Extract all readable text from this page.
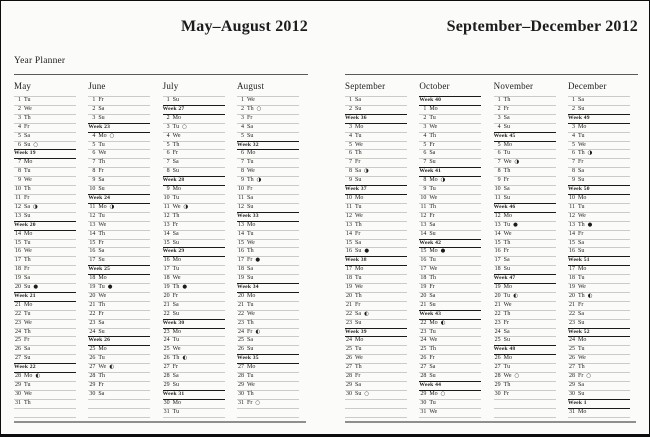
May–August 2012
Year Planner
May
1 Tu
2 We
3 Th
4 Fr
5 Sa
6 Su ○
Week 19
7 Mo
8 Tu
9 We
10 Th
11 Fr
12 Sa ◑
13 Su
Week 20
14 Mo
15 Tu
16 We
17 Th
18 Fr
19 Sa
20 Su ●
Week 21
21 Mo
22 Tu
23 We
24 Th
25 Fr
26 Sa
27 Su
Week 22
28 Mo ◐
29 Tu
30 We
31 Th
June
1 Fr
2 Sa
3 Su
Week 23
4 Mo ○
5 Tu
6 We
7 Th
8 Fr
9 Sa
10 Su
Week 24
11 Mo ◑
12 Tu
13 We
14 Th
15 Fr
16 Sa
17 Su
Week 25
18 Mo
19 Tu ●
20 We
21 Th
22 Fr
23 Sa
24 Su
Week 26
25 Mo
26 Tu
27 We ◐
28 Th
29 Fr
30 Sa
July
1 Su
Week 27
2 Mo
3 Tu ○
4 We
5 Th
6 Fr
7 Sa
8 Su
Week 28
9 Mo
10 Tu
11 We ◑
12 Th
13 Fr
14 Sa
15 Su
Week 29
16 Mo
17 Tu
18 We
19 Th ●
20 Fr
21 Sa
22 Su
Week 30
23 Mo
24 Tu
25 We
26 Th ◐
27 Fr
28 Sa
29 Su
Week 31
30 Mo
31 Tu
August
1 We
2 Th ○
3 Fr
4 Sa
5 Su
Week 32
6 Mo
7 Tu
8 We
9 Th ◑
10 Fr
11 Sa
12 Su
Week 33
13 Mo
14 Tu
15 We
16 Th
17 Fr ●
18 Sa
19 Su
Week 34
20 Mo
21 Tu
22 We
23 Th
24 Fr ◐
25 Sa
26 Su
Week 35
27 Mo
28 Tu
29 We
30 Th
31 Fr ○
September–December 2012
September
1 Sa
2 Su
Week 36
3 Mo
4 Tu
5 We
6 Th
7 Fr
8 Sa ◑
9 Su
Week 37
10 Mo
11 Tu
12 We
13 Th
14 Fr
15 Sa
16 Su ●
Week 38
17 Mo
18 Tu
19 We
20 Th
21 Fr
22 Sa ◐
23 Su
Week 39
24 Mo
25 Tu
26 We
27 Th
28 Fr
29 Sa
30 Su ○
October
Week 40
1 Mo
2 Tu
3 We
4 Th
5 Fr
6 Sa
7 Su
Week 41
8 Mo ◑
9 Tu
10 We
11 Th
12 Fr
13 Sa
14 Su
Week 42
15 Mo ●
16 Tu
17 We
18 Th
19 Fr
20 Sa
21 Su
Week 43
22 Mo ◐
23 Tu
24 We
25 Th
26 Fr
27 Sa
28 Su
Week 44
29 Mo ○
30 Tu
31 We
November
1 Th
2 Fr
3 Sa
4 Su
Week 45
5 Mo
6 Tu
7 We ◑
8 Th
9 Fr
10 Sa
11 Su
Week 46
12 Mo
13 Tu ●
14 We
15 Th
16 Fr
17 Sa
18 Su
Week 47
19 Mo
20 Tu ◐
21 We
22 Th
23 Fr
24 Sa
25 Su
Week 48
26 Mo
27 Tu
28 We ○
29 Th
30 Fr
December
1 Sa
2 Su
Week 49
3 Mo
4 Tu
5 We
6 Th ◑
7 Fr
8 Sa
9 Su
Week 50
10 Mo
11 Tu
12 We
13 Th ●
14 Fr
15 Sa
16 Su
Week 51
17 Mo
18 Tu
19 We
20 Th ◐
21 Fr
22 Sa
23 Su
Week 52
24 Mo
25 Tu
26 We
27 Th
28 Fr ○
29 Sa
30 Su
Week 1
31 Mo
